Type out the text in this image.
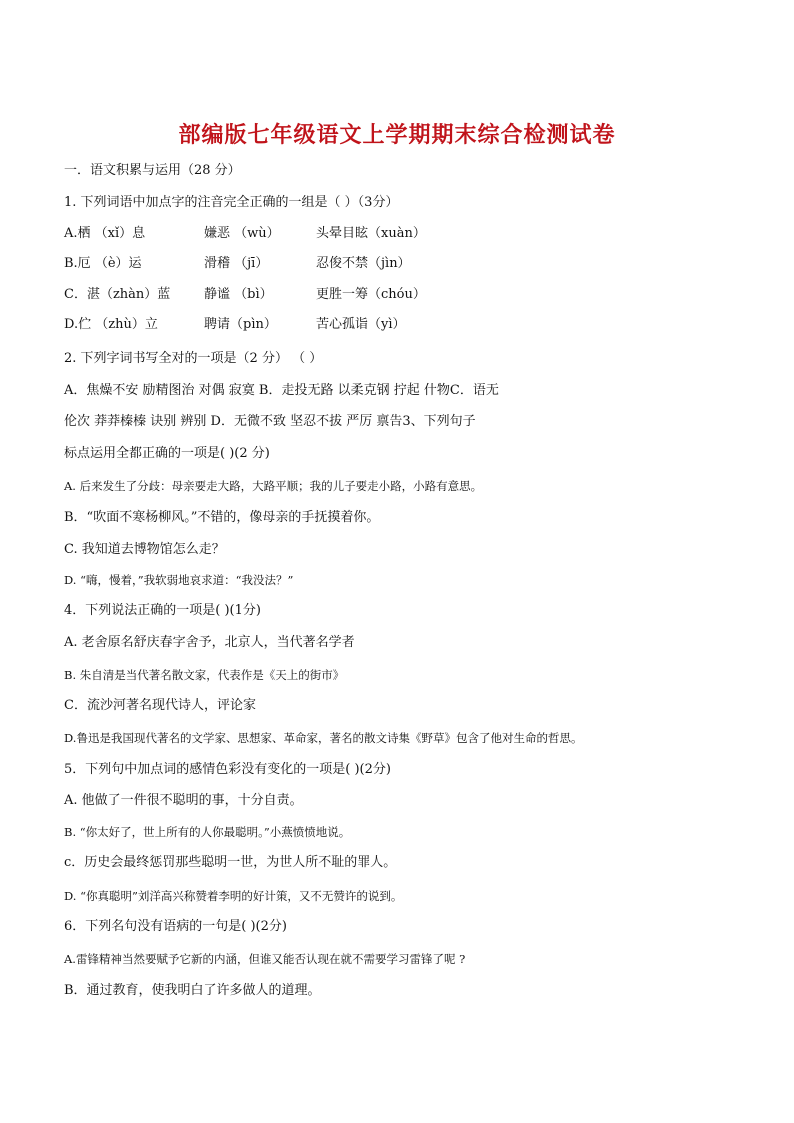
部编版七年级语文上学期期末综合检测试卷
一．语文积累与运用（28 分）
1. 下列词语中加点字的注音完全正确的一组是（ ）（3分）
A.栖 （xǐ）息	嫌恶 （wù）	头晕目眩（xuàn）
B.厄 （è）运	滑稽 （jī）	忍俊不禁（jìn）
C．湛（zhàn）蓝	静谧 （bì）	更胜一筹（chóu）
D.伫 （zhù）立	聘请（pìn）	苦心孤诣（yì）
2. 下列字词书写全对的一项是（2 分） （ ）
A．焦燥不安 励精图治 对偶 寂寞 B．走投无路 以柔克钢 拧起 什物C．语无
伦次 莽莽榛榛 诀别 辨别 D．无微不致 坚忍不拔 严厉 禀告3、下列句子
标点运用全都正确的一项是( )(2 分)
A. 后来发生了分歧：母亲要走大路，大路平顺；我的儿子要走小路，小路有意思。
B．“吹面不寒杨柳风。”不错的，像母亲的手抚摸着你。
C. 我知道去博物馆怎么走？
D. “嗨，慢着，”我软弱地哀求道：“我没法？”
4．下列说法正确的一项是( )(1分)
A. 老舍原名舒庆春字舍予，北京人，当代著名学者
B. 朱自清是当代著名散文家，代表作是《天上的街市》
C．流沙河著名现代诗人，评论家
D.鲁迅是我国现代著名的文学家、思想家、革命家，著名的散文诗集《野草》包含了他对生命的哲思。
5．下列句中加点词的感情色彩没有变化的一项是( )(2分)
A. 他做了一件很不聪明的事，十分自责。
B. “你太好了，世上所有的人你最聪明。”小燕愤愤地说。
c．历史会最终惩罚那些聪明一世，为世人所不耻的罪人。
D. “你真聪明”刘洋高兴称赞着李明的好计策，又不无赞许的说到。
6．下列名句没有语病的一句是( )(2分)
A.雷锋精神当然要赋予它新的内涵，但谁又能否认现在就不需要学习雷锋了呢 ?
B．通过教育，使我明白了许多做人的道理。
